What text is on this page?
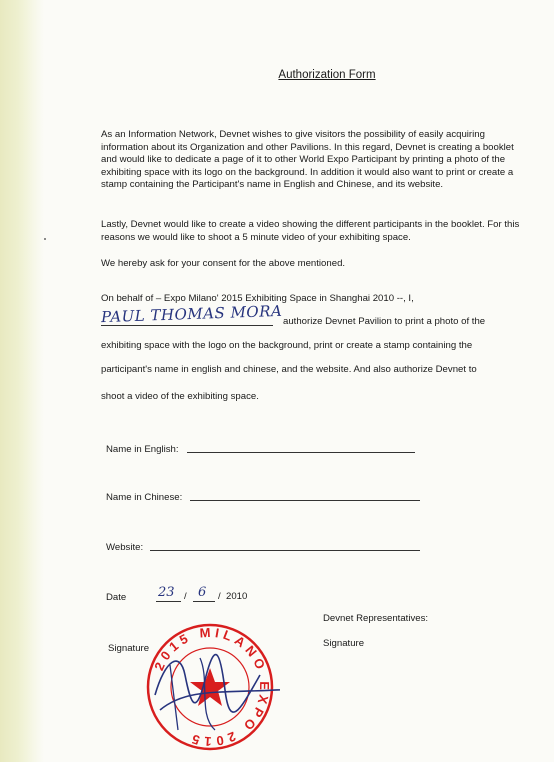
Authorization Form
As an Information Network, Devnet wishes to give visitors the possibility of easily acquiring information about its Organization and other Pavilions. In this regard, Devnet is creating a booklet and would like to dedicate a page of it to other World Expo Participant by printing a photo of the exhibiting space with its logo on the background. In addition it would also want to print or create a stamp containing the Participant's name in English and Chinese, and its website.
Lastly, Devnet would like to create a video showing the different participants in the booklet. For this reasons we would like to shoot a 5 minute video of your exhibiting space.
We hereby ask for your consent for the above mentioned.
On behalf of – Expo Milano' 2015 Exhibiting Space in Shanghai 2010 --, I,
PAUL THOMAS MORA authorize Devnet Pavilion to print a photo of the
exhibiting space with the logo on the background, print or create a stamp containing the
participant's name in english and chinese, and the website. And also authorize Devnet to
shoot a video of the exhibiting space.
Name in English:
Name in Chinese:
Website:
Date 23 / 6 / 2010
Devnet Representatives:
Signature	Signature
2015 MILANO EXPO 2015
